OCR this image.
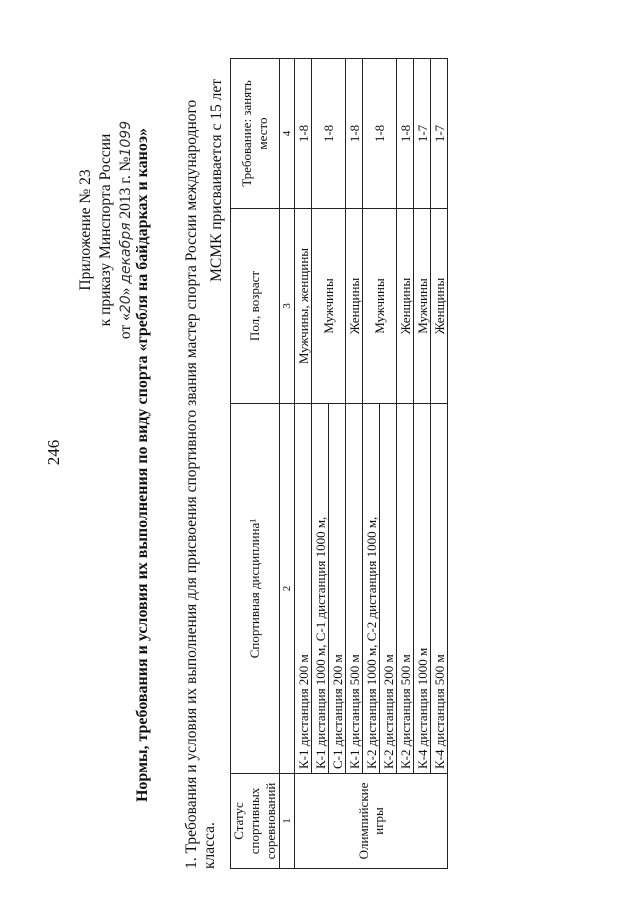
246
Приложение № 23 к приказу Минспорта России от «20» декабря 2013 г. №1099 Нормы, требования и условия их выполнения по виду спорта «гребля на байдарках и каноэ» 1. Требования и условия их выполнения для присвоения спортивного звания мастер спорта России международного класса.
МСМК присваивается с 15 лет
Статус спортивных соревнований	Спортивная дисциплина¹	Пол, возраст	Требование: занять место
1	2	3	4
Олимпийские игры	К-1 дистанция 200 м	Мужчины, женщины	1-8
	К-1 дистанция 1000 м, С-1 дистанция 1000 м,	Мужчины	1-8
	С-1 дистанция 200 м		
	К-1 дистанция 500 м	Женщины	1-8
	К-2 дистанция 1000 м, С-2 дистанция 1000 м,	Мужчины	1-8
	К-2 дистанция 200 м		
	К-2 дистанция 500 м	Женщины	1-8
	К-4 дистанция 1000 м	Мужчины	1-7
	К-4 дистанция 500 м	Женщины	1-7
